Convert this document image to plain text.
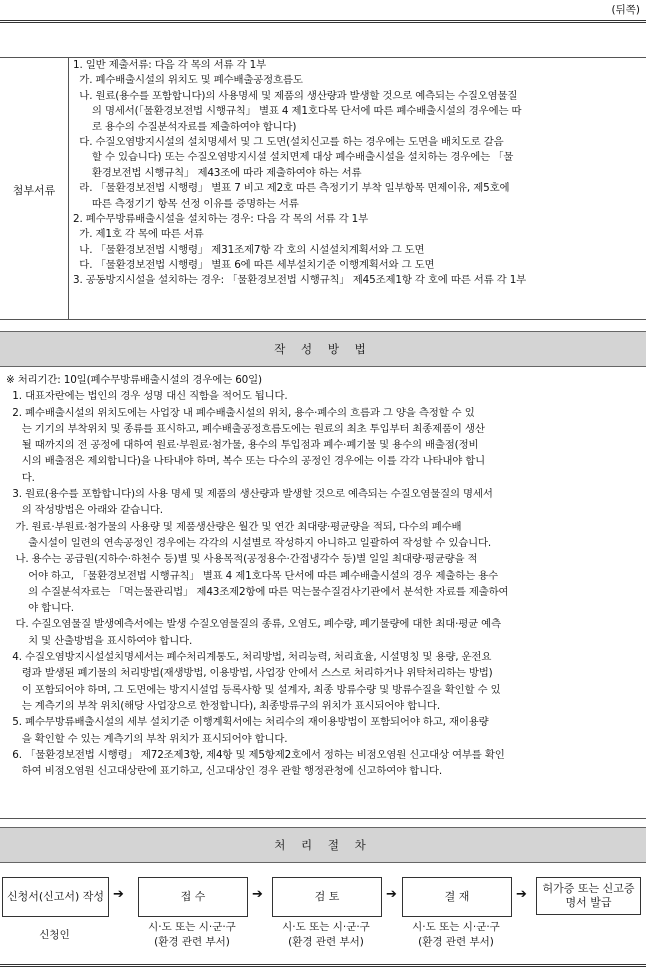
(뒤쪽)
첨부서류
1. 일반 제출서류: 다음 각 목의 서류 각 1부
가. 폐수배출시설의 위치도 및 폐수배출공정흐름도
나. 원료(용수를 포함합니다)의 사용명세 및 제품의 생산량과 발생할 것으로 예측되는 수질오염물질
의 명세서(「물환경보전법 시행규칙」 별표 4 제1호다목 단서에 따른 폐수배출시설의 경우에는 따
로 용수의 수질분석자료를 제출하여야 합니다)
다. 수질오염방지시설의 설치명세서 및 그 도면(설치신고를 하는 경우에는 도면을 배치도로 갈음
할 수 있습니다) 또는 수질오염방지시설 설치면제 대상 폐수배출시설을 설치하는 경우에는 「물
환경보전법 시행규칙」 제43조에 따라 제출하여야 하는 서류
라. 「물환경보전법 시행령」 별표 7 비고 제2호 따른 측정기기 부착 일부항목 면제이유, 제5호에
따른 측정기기 항목 선정 이유를 증명하는 서류
2. 폐수무방류배출시설을 설치하는 경우: 다음 각 목의 서류 각 1부
가. 제1호 각 목에 따른 서류
나. 「물환경보전법 시행령」 제31조제7항 각 호의 시설설치계획서와 그 도면
다. 「물환경보전법 시행령」 별표 6에 따른 세부설치기준 이행계획서와 그 도면
3. 공동방지시설을 설치하는 경우: 「물환경보전법 시행규칙」 제45조제1항 각 호에 따른 서류 각 1부
작 성 방 법
※ 처리기간: 10일(폐수무방류배출시설의 경우에는 60일)
1. 대표자란에는 법인의 경우 성명 대신 직함을 적어도 됩니다.
2. 폐수배출시설의 위치도에는 사업장 내 폐수배출시설의 위치, 용수·폐수의 흐름과 그 양을 측정할 수 있
는 기기의 부착위치 및 종류를 표시하고, 폐수배출공정흐름도에는 원료의 최초 투입부터 최종제품이 생산
될 때까지의 전 공정에 대하여 원료·부원료·첨가물, 용수의 투입점과 폐수·폐기물 및 용수의 배출점(정비
시의 배출점은 제외합니다)을 나타내야 하며, 복수 또는 다수의 공정인 경우에는 이를 각각 나타내야 합니
다.
3. 원료(용수를 포함합니다)의 사용 명세 및 제품의 생산량과 발생할 것으로 예측되는 수질오염물질의 명세서
의 작성방법은 아래와 같습니다.
가. 원료·부원료·첨가물의 사용량 및 제품생산량은 월간 및 연간 최대량·평균량을 적되, 다수의 폐수배
출시설이 일련의 연속공정인 경우에는 각각의 시설별로 작성하지 아니하고 일괄하여 작성할 수 있습니다.
나. 용수는 공급원(지하수·하천수 등)별 및 사용목적(공정용수·간접냉각수 등)별 일일 최대량·평균량을 적
어야 하고, 「물환경보전법 시행규칙」 별표 4 제1호다목 단서에 따른 폐수배출시설의 경우 제출하는 용수
의 수질분석자료는 「먹는물관리법」 제43조제2항에 따른 먹는물수질검사기관에서 분석한 자료를 제출하여
야 합니다.
다. 수질오염물질 발생예측서에는 발생 수질오염물질의 종류, 오염도, 폐수량, 폐기물량에 대한 최대·평균 예측
치 및 산출방법을 표시하여야 합니다.
4. 수질오염방지시설설치명세서는 폐수처리계통도, 처리방법, 처리능력, 처리효율, 시설명칭 및 용량, 운전요
령과 발생된 폐기물의 처리방법(재생방법, 이용방법, 사업장 안에서 스스로 처리하거나 위탁처리하는 방법)
이 포함되어야 하며, 그 도면에는 방지시설업 등록사항 및 설계자, 최종 방류수량 및 방류수질을 확인할 수 있
는 계측기의 부착 위치(해당 사업장으로 한정합니다), 최종방류구의 위치가 표시되어야 합니다.
5. 폐수무방류배출시설의 세부 설치기준 이행계획서에는 처리수의 재이용방법이 포함되어야 하고, 재이용량
을 확인할 수 있는 계측기의 부착 위치가 표시되어야 합니다.
6. 「물환경보전법 시행령」 제72조제3항, 제4항 및 제5항제2호에서 정하는 비점오염원 신고대상 여부를 확인
하여 비점오염원 신고대상란에 표기하고, 신고대상인 경우 관할 행정관청에 신고하여야 합니다.
처 리 절 차
신청서(신고서) 작성 ➔	접 수	➔	검 토	➔	결 재	➔ 허가증 또는 신고증명서 발급
신청인
시·도 또는 시·군·구
(환경 관련 부서)
시·도 또는 시·군·구
(환경 관련 부서)
시·도 또는 시·군·구
(환경 관련 부서)
